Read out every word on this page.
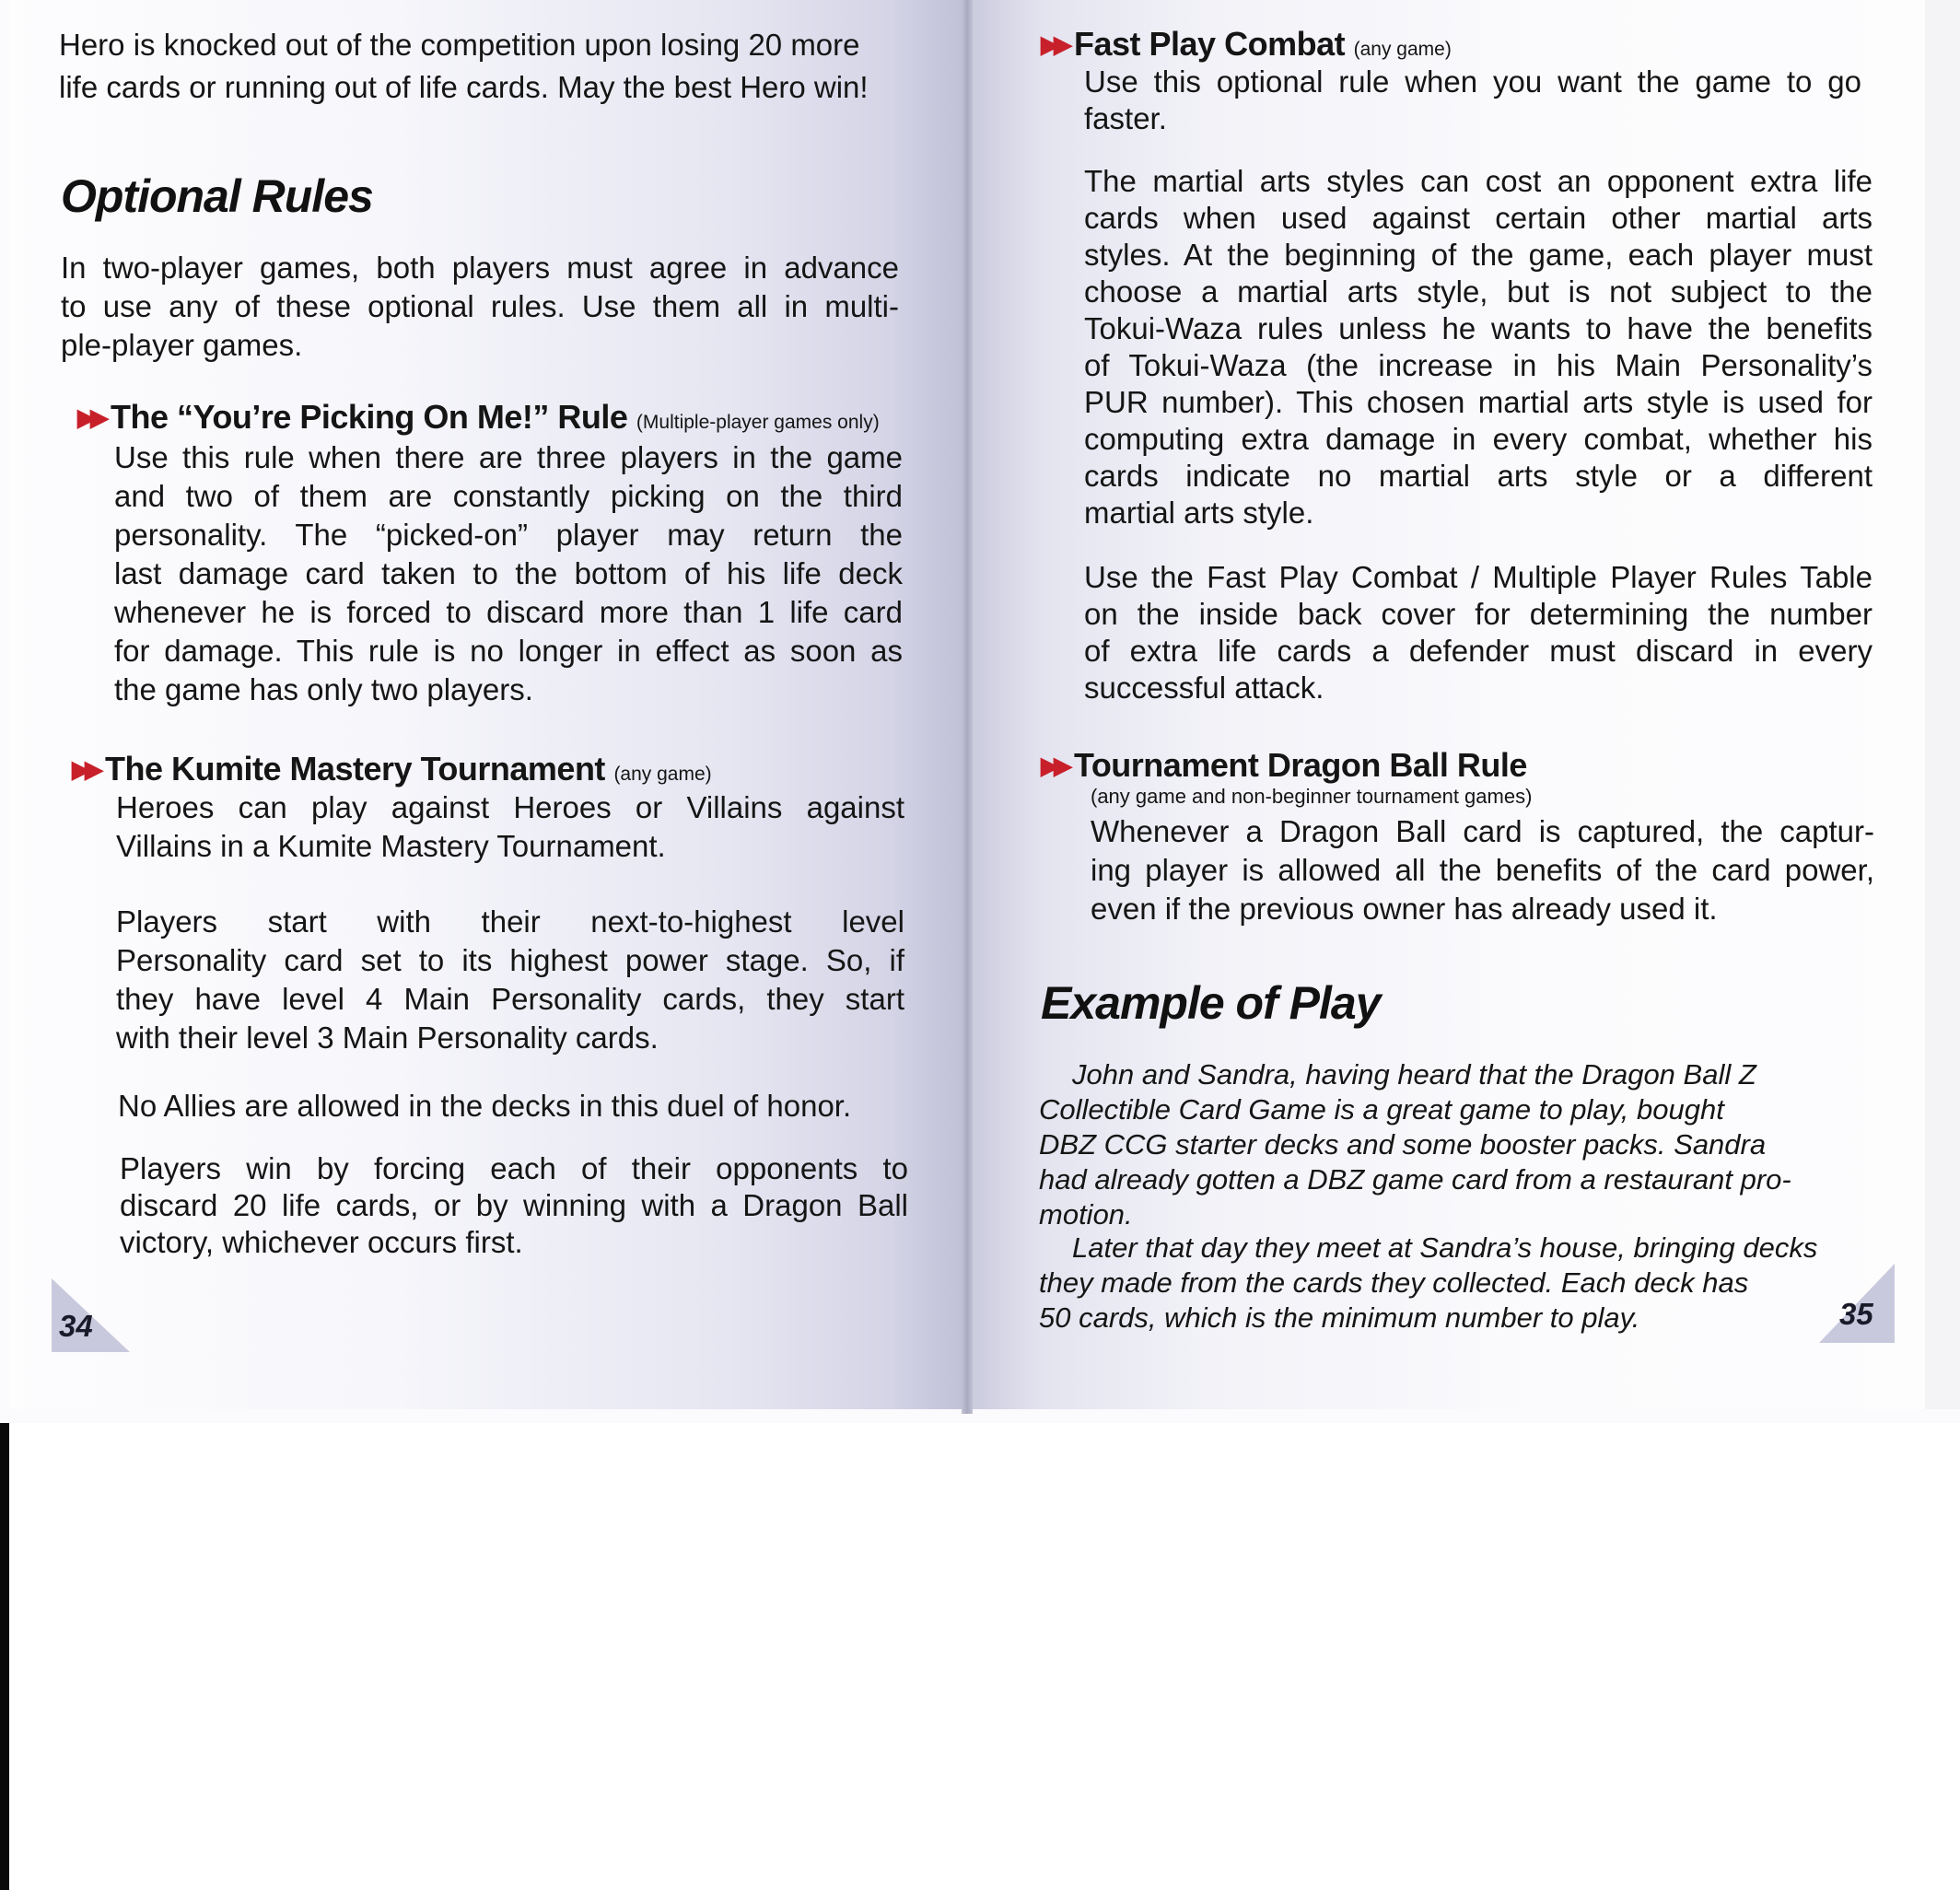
Hero is knocked out of the competition upon losing 20 more
life cards or running out of life cards. May the best Hero win!
Optional Rules
In two-player games, both players must agree in advance
to use any of these optional rules. Use them all in multi-
ple-player games.
▶▶ The “You’re Picking On Me!” Rule (Multiple-player games only)
Use this rule when there are three players in the game
and two of them are constantly picking on the third
personality. The “picked-on” player may return the
last damage card taken to the bottom of his life deck
whenever he is forced to discard more than 1 life card
for damage. This rule is no longer in effect as soon as
the game has only two players.
▶▶ The Kumite Mastery Tournament (any game)
Heroes can play against Heroes or Villains against
Villains in a Kumite Mastery Tournament.
Players start with their next-to-highest level
Personality card set to its highest power stage. So, if
they have level 4 Main Personality cards, they start
with their level 3 Main Personality cards.
No Allies are allowed in the decks in this duel of honor.
Players win by forcing each of their opponents to
discard 20 life cards, or by winning with a Dragon Ball
victory, whichever occurs first.
34
▶▶ Fast Play Combat (any game)
Use this optional rule when you want the game to go
faster.
The martial arts styles can cost an opponent extra life
cards when used against certain other martial arts
styles. At the beginning of the game, each player must
choose a martial arts style, but is not subject to the
Tokui-Waza rules unless he wants to have the benefits
of Tokui-Waza (the increase in his Main Personality’s
PUR number). This chosen martial arts style is used for
computing extra damage in every combat, whether his
cards indicate no martial arts style or a different
martial arts style.
Use the Fast Play Combat / Multiple Player Rules Table
on the inside back cover for determining the number
of extra life cards a defender must discard in every
successful attack.
▶▶ Tournament Dragon Ball Rule
(any game and non-beginner tournament games)
Whenever a Dragon Ball card is captured, the captur-
ing player is allowed all the benefits of the card power,
even if the previous owner has already used it.
Example of Play
John and Sandra, having heard that the Dragon Ball Z
Collectible Card Game is a great game to play, bought
DBZ CCG starter decks and some booster packs. Sandra
had already gotten a DBZ game card from a restaurant pro-
motion.
Later that day they meet at Sandra’s house, bringing decks
they made from the cards they collected. Each deck has
50 cards, which is the minimum number to play.	35
